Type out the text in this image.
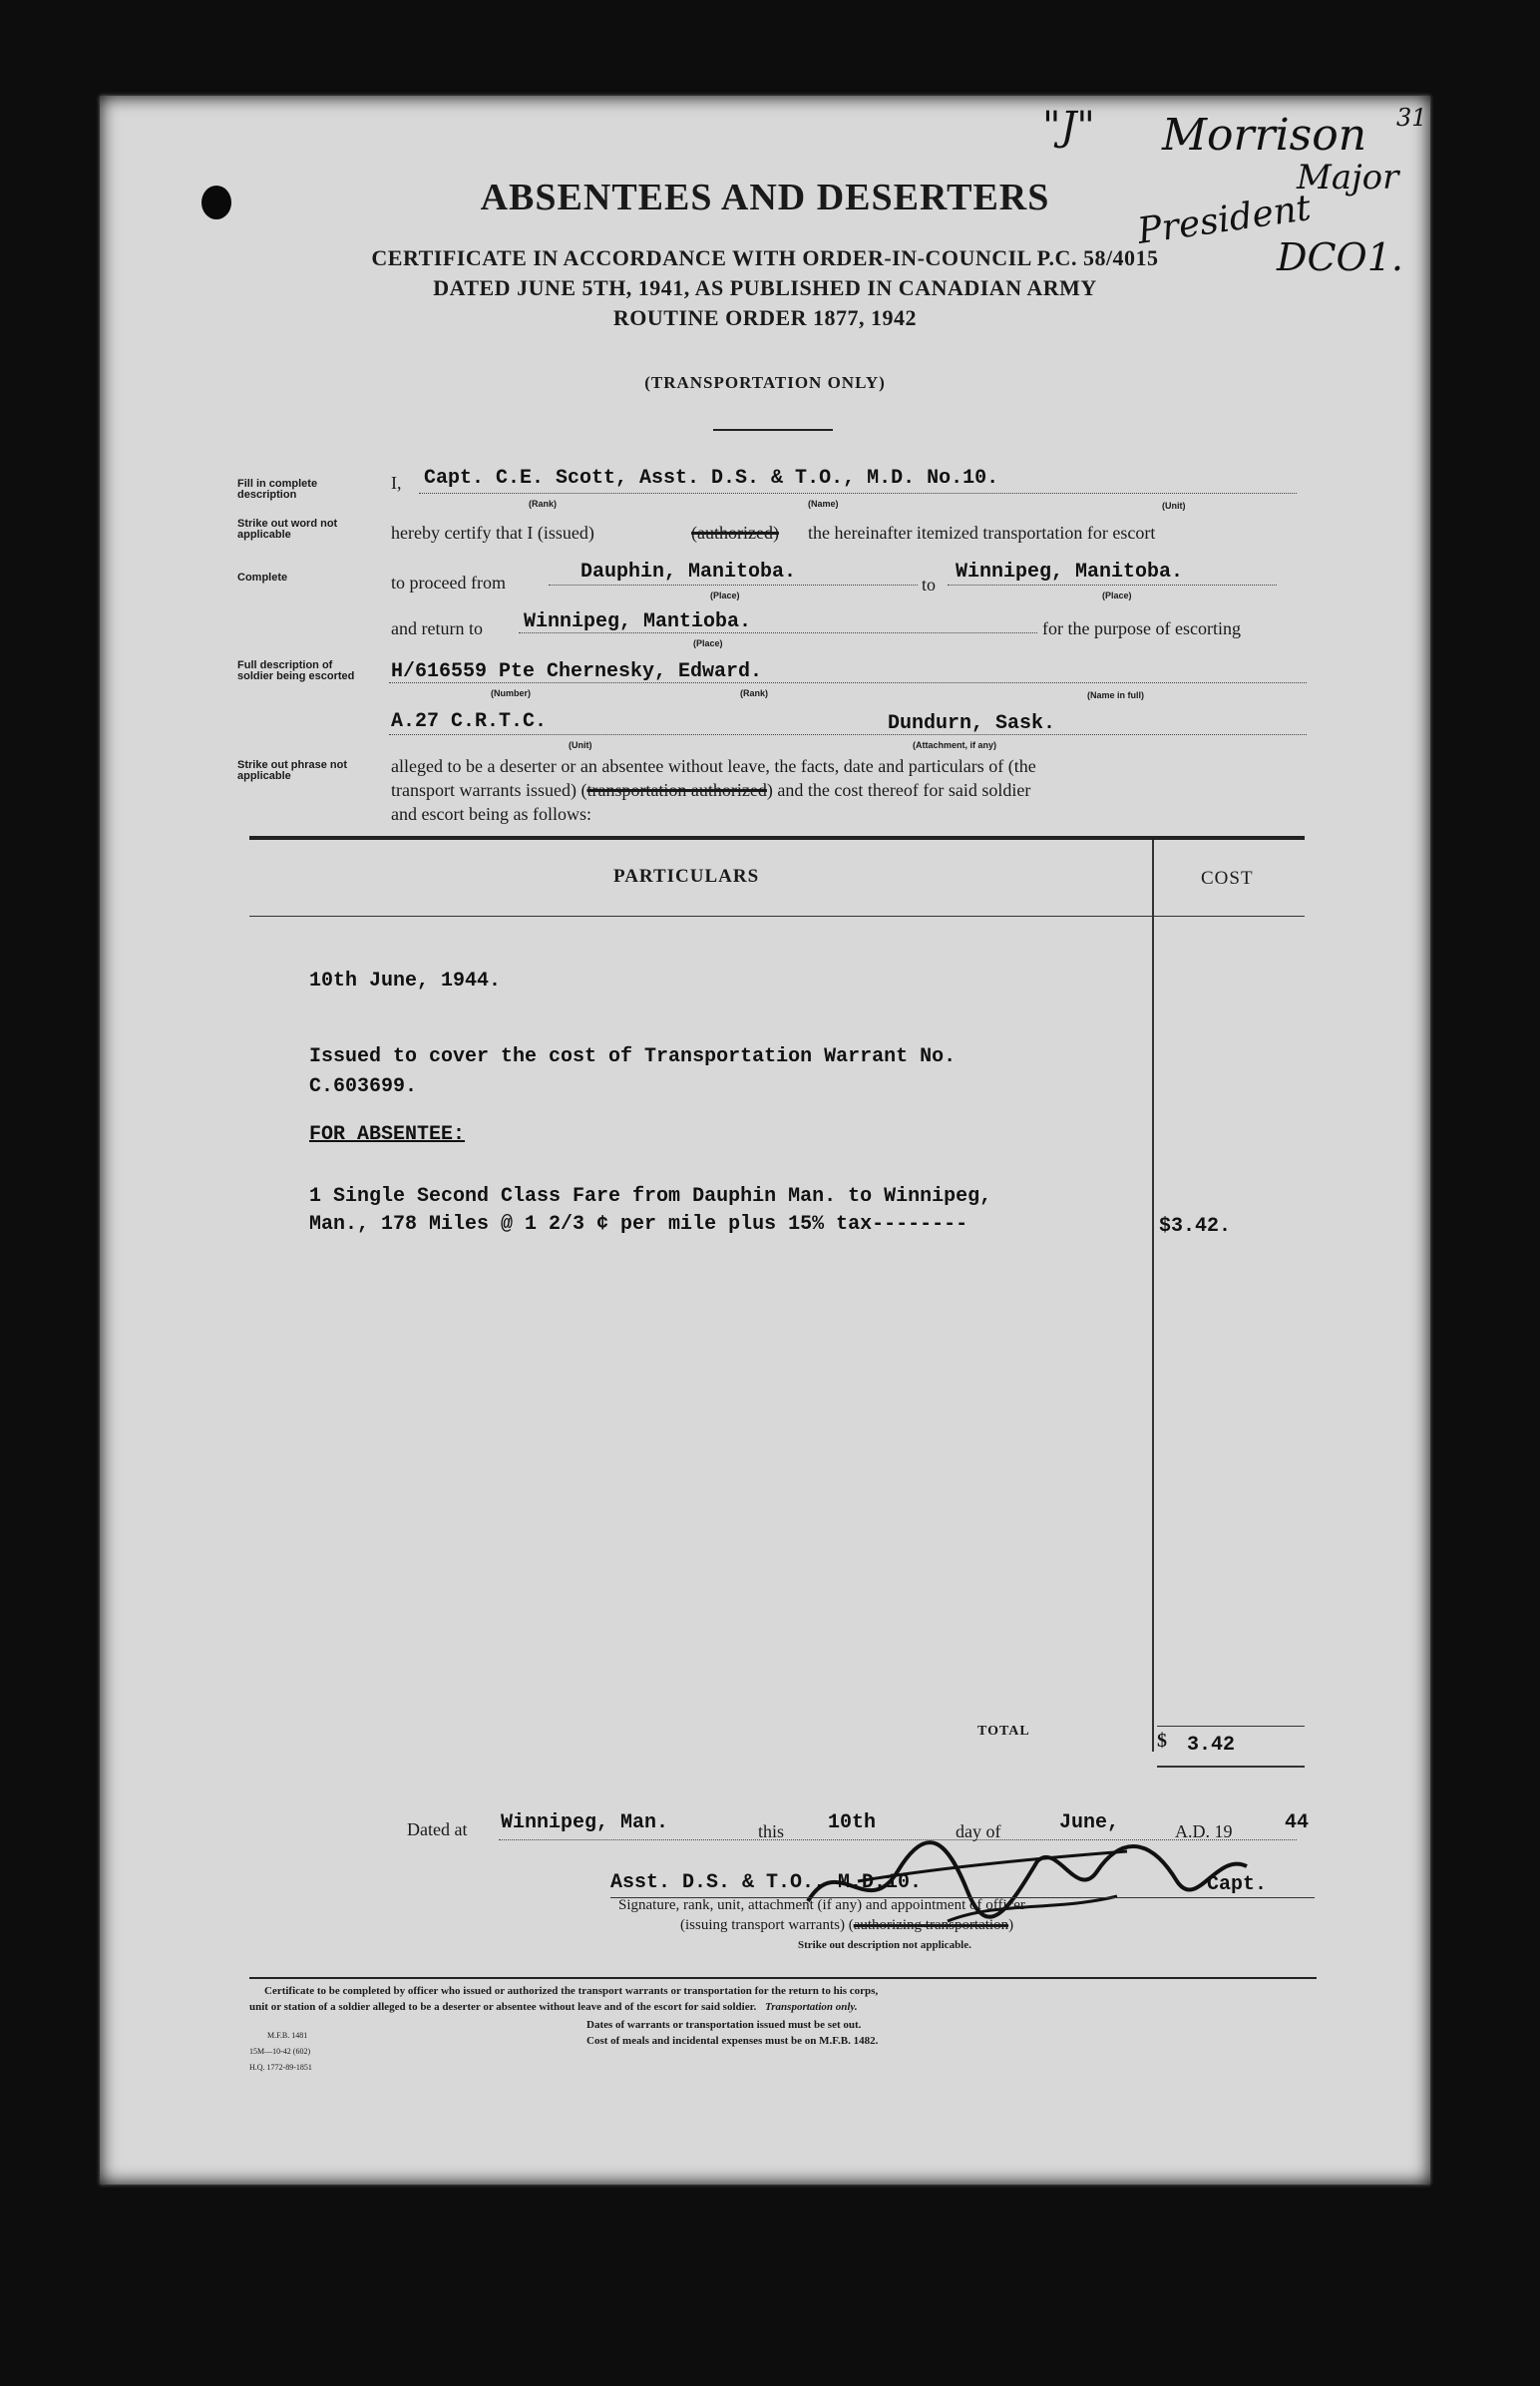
"J" Morrison 31
Major
President
DCO1.
ABSENTEES AND DESERTERS
CERTIFICATE IN ACCORDANCE WITH ORDER-IN-COUNCIL P.C. 58/4015
DATED JUNE 5TH, 1941, AS PUBLISHED IN CANADIAN ARMY
ROUTINE ORDER 1877, 1942
(TRANSPORTATION ONLY)
Fill in complete description
Strike out word not applicable
Complete
Full description of soldier being escorted
Strike out phrase not applicable
I, Capt. C.E. Scott, Asst. D.S. & T.O., M.D. No.10.
(Rank)	(Name)	(Unit)
hereby certify that I (issued)	(authorized) the hereinafter itemized transportation for escort
to proceed from	Dauphin, Manitoba.
(Place)
to
Winnipeg, Manitoba.
(Place)
and return to Winnipeg, Mantioba.
(Place)
for the purpose of escorting
H/616559 Pte Chernesky, Edward.
(Number)	(Rank)	(Name in full)
A.27 C.R.T.C.	Dundurn, Sask.
(Unit)	(Attachment, if any)
alleged to be a deserter or an absentee without leave, the facts, date and particulars of (the
transport warrants issued) (transportation authorized) and the cost thereof for said soldier
and escort being as follows:
PARTICULARS	COST
10th June, 1944.
Issued to cover the cost of Transportation Warrant No.
C.603699.
FOR ABSENTEE:
1 Single Second Class Fare from Dauphin Man. to Winnipeg,
Man., 178 Miles @ 1 2/3 ¢ per mile plus 15% tax--------	$3.42.
TOTAL	$ 3.42
Dated at Winnipeg, Man.	this 10th	day of	June,	A.D. 19	44
Asst. D.S. & T.O., M.D.10.	Capt.
Signature, rank, unit, attachment (if any) and appointment of officer
(issuing transport warrants) (authorizing transportation)
Strike out description not applicable.
Certificate to be completed by officer who issued or authorized the transport warrants or transportation for the return to his corps,
unit or station of a soldier alleged to be a deserter or absentee without leave and of the escort for said soldier. Transportation only.
Dates of warrants or transportation issued must be set out.
Cost of meals and incidental expenses must be on M.F.B. 1482.
M.F.B. 1481
15M—10-42 (602)
H.Q. 1772-89-1851
